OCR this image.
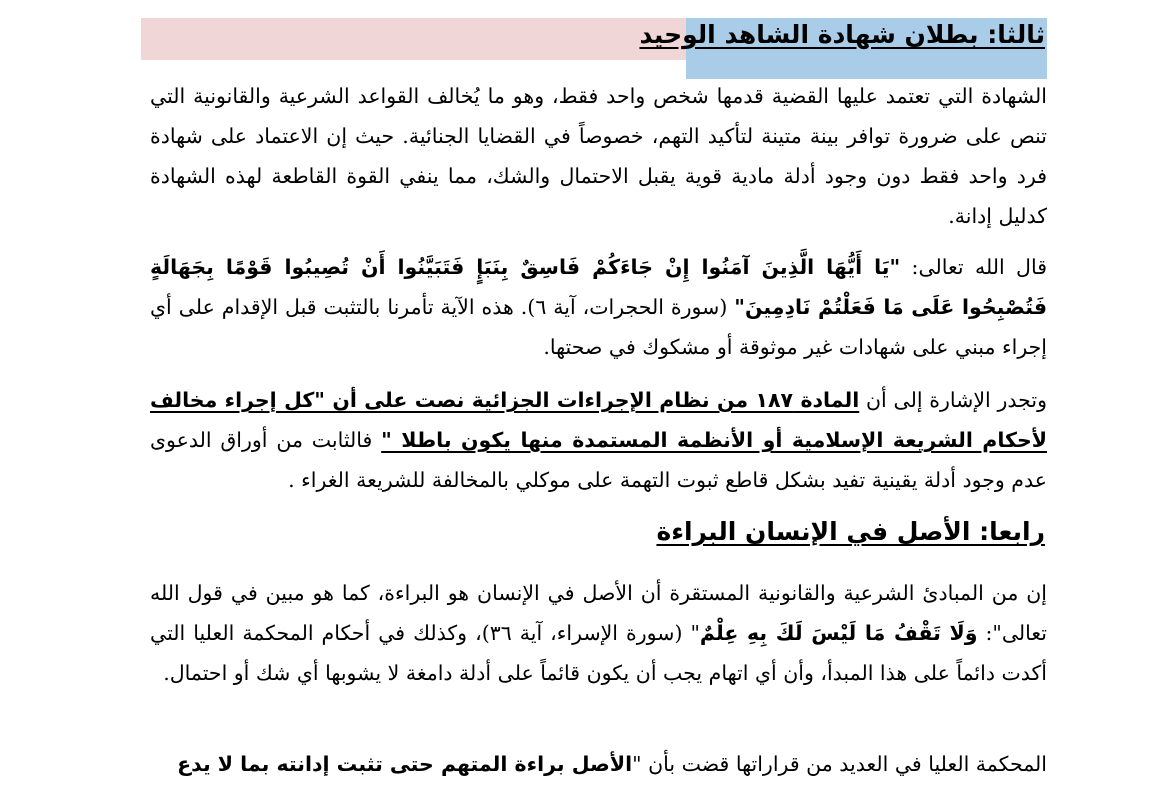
ثالثا: بطلان شهادة الشاهد الوحيد
الشهادة التي تعتمد عليها القضية قدمها شخص واحد فقط، وهو ما يُخالف القواعد الشرعية والقانونية التي تنص على ضرورة توافر بينة متينة لتأكيد التهم، خصوصاً في القضايا الجنائية. حيث إن الاعتماد على شهادة فرد واحد فقط دون وجود أدلة مادية قوية يقبل الاحتمال والشك، مما ينفي القوة القاطعة لهذه الشهادة كدليل إدانة.
قال الله تعالى: "يَا أَيُّهَا الَّذِينَ آمَنُوا إِنْ جَاءَكُمْ فَاسِقٌ بِنَبَإٍ فَتَبَيَّنُوا أَنْ تُصِيبُوا قَوْمًا بِجَهَالَةٍ فَتُصْبِحُوا عَلَى مَا فَعَلْتُمْ نَادِمِينَ" (سورة الحجرات، آية ٦). هذه الآية تأمرنا بالتثبت قبل الإقدام على أي إجراء مبني على شهادات غير موثوقة أو مشكوك في صحتها.
وتجدر الإشارة إلى أن المادة ١٨٧ من نظام الإجراءات الجزائية نصت على أن "كل إجراء مخالف لأحكام الشريعة الإسلامية أو الأنظمة المستمدة منها يكون باطلا " فالثابت من أوراق الدعوى عدم وجود أدلة يقينية تفيد بشكل قاطع ثبوت التهمة على موكلي بالمخالفة للشريعة الغراء .
رابعا: الأصل في الإنسان البراءة
إن من المبادئ الشرعية والقانونية المستقرة أن الأصل في الإنسان هو البراءة، كما هو مبين في قول الله تعالى": وَلَا تَقْفُ مَا لَيْسَ لَكَ بِهِ عِلْمٌ" (سورة الإسراء، آية ٣٦)، وكذلك في أحكام المحكمة العليا التي أكدت دائماً على هذا المبدأ، وأن أي اتهام يجب أن يكون قائماً على أدلة دامغة لا يشوبها أي شك أو احتمال.
المحكمة العليا في العديد من قراراتها قضت بأن "الأصل براءة المتهم حتى تثبت إدانته بما لا يدع
